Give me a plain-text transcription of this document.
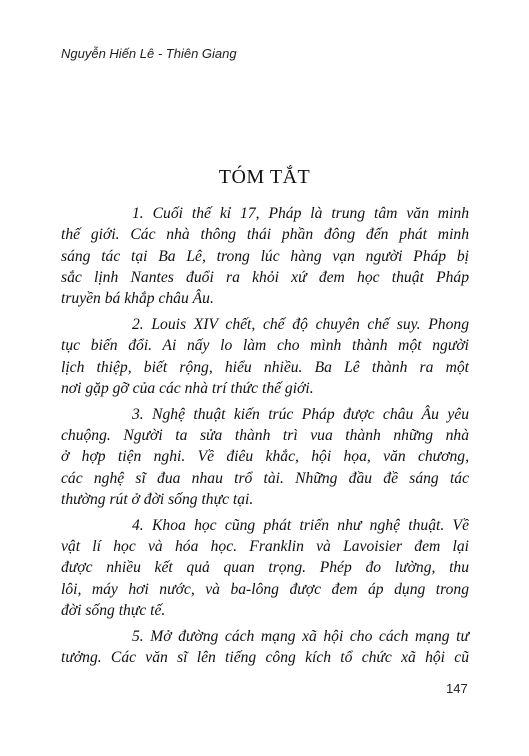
Nguyễn Hiến Lê - Thiên Giang
TÓM TẮT
1. Cuối thế kỉ 17, Pháp là trung tâm văn minh
thế giới. Các nhà thông thái phần đông đến phát minh
sáng tác tại Ba Lê, trong lúc hàng vạn người Pháp bị
sắc lịnh Nantes đuổi ra khỏi xứ đem học thuật Pháp
truyền bá khắp châu Âu.
2. Louis XIV chết, chế độ chuyên chế suy. Phong
tục biến đổi. Ai nấy lo làm cho mình thành một người
lịch thiệp, biết rộng, hiểu nhiều. Ba Lê thành ra một
nơi gặp gỡ của các nhà trí thức thế giới.
3. Nghệ thuật kiến trúc Pháp được châu Âu yêu
chuộng. Người ta sửa thành trì vua thành những nhà
ở hợp tiện nghi. Về điêu khắc, hội họa, văn chương,
các nghệ sĩ đua nhau trổ tài. Những đầu đề sáng tác
thường rút ở đời sống thực tại.
4. Khoa học cũng phát triển như nghệ thuật. Về
vật lí học và hóa học. Franklin và Lavoisier đem lại
được nhiều kết quả quan trọng. Phép đo lường, thu
lôi, máy hơi nước, và ba-lông được đem áp dụng trong
đời sống thực tế.
5. Mở đường cách mạng xã hội cho cách mạng tư
tưởng. Các văn sĩ lên tiếng công kích tổ chức xã hội cũ
147
